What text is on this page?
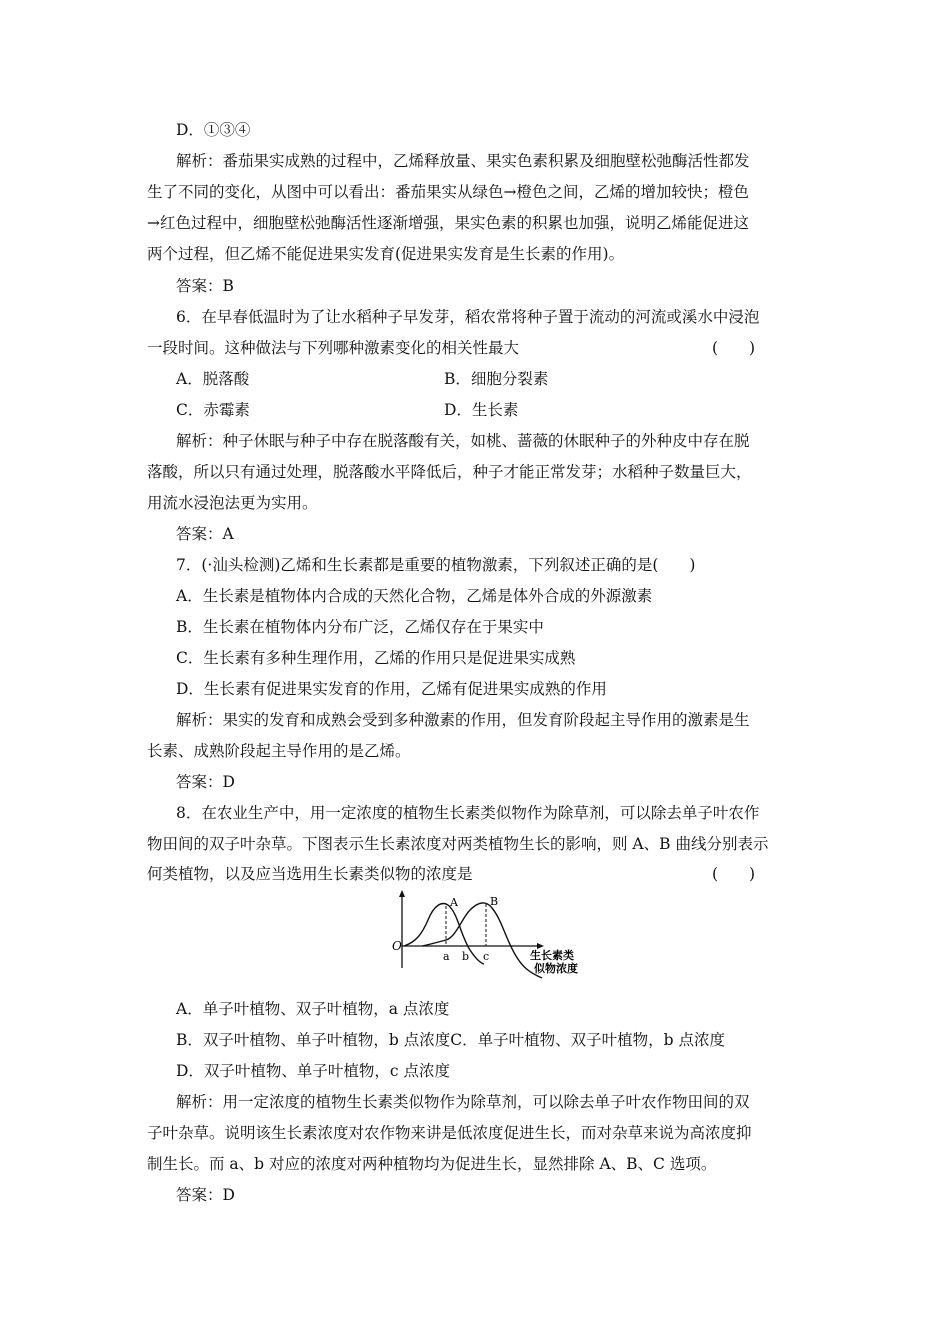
D．①③④
解析：番茄果实成熟的过程中，乙烯释放量、果实色素积累及细胞壁松弛酶活性都发
生了不同的变化，从图中可以看出：番茄果实从绿色→橙色之间，乙烯的增加较快；橙色
→红色过程中，细胞壁松弛酶活性逐渐增强，果实色素的积累也加强，说明乙烯能促进这
两个过程，但乙烯不能促进果实发育(促进果实发育是生长素的作用)。
答案：B
6．在早春低温时为了让水稻种子早发芽，稻农常将种子置于流动的河流或溪水中浸泡
一段时间。这种做法与下列哪种激素变化的相关性最大	(　　)
A．脱落酸	B．细胞分裂素
C．赤霉素	D．生长素
解析：种子休眠与种子中存在脱落酸有关，如桃、蔷薇的休眠种子的外种皮中存在脱
落酸，所以只有通过处理，脱落酸水平降低后，种子才能正常发芽；水稻种子数量巨大，
用流水浸泡法更为实用。
答案：A
7．(·汕头检测)乙烯和生长素都是重要的植物激素，下列叙述正确的是(　　)
A．生长素是植物体内合成的天然化合物，乙烯是体外合成的外源激素
B．生长素在植物体内分布广泛，乙烯仅存在于果实中
C．生长素有多种生理作用，乙烯的作用只是促进果实成熟
D．生长素有促进果实发育的作用，乙烯有促进果实成熟的作用
解析：果实的发育和成熟会受到多种激素的作用，但发育阶段起主导作用的激素是生
长素、成熟阶段起主导作用的是乙烯。
答案：D
8．在农业生产中，用一定浓度的植物生长素类似物作为除草剂，可以除去单子叶农作
物田间的双子叶杂草。下图表示生长素浓度对两类植物生长的影响，则 A、B 曲线分别表示
何类植物，以及应当选用生长素类似物的浓度是	(　　)
O
A	B
a b c	生长素类
似物浓度
A．单子叶植物、双子叶植物，a 点浓度
B．双子叶植物、单子叶植物，b 点浓度C．单子叶植物、双子叶植物，b 点浓度
D．双子叶植物、单子叶植物，c 点浓度
解析：用一定浓度的植物生长素类似物作为除草剂，可以除去单子叶农作物田间的双
子叶杂草。说明该生长素浓度对农作物来讲是低浓度促进生长，而对杂草来说为高浓度抑
制生长。而 a、b 对应的浓度对两种植物均为促进生长，显然排除 A、B、C 选项。
答案：D
